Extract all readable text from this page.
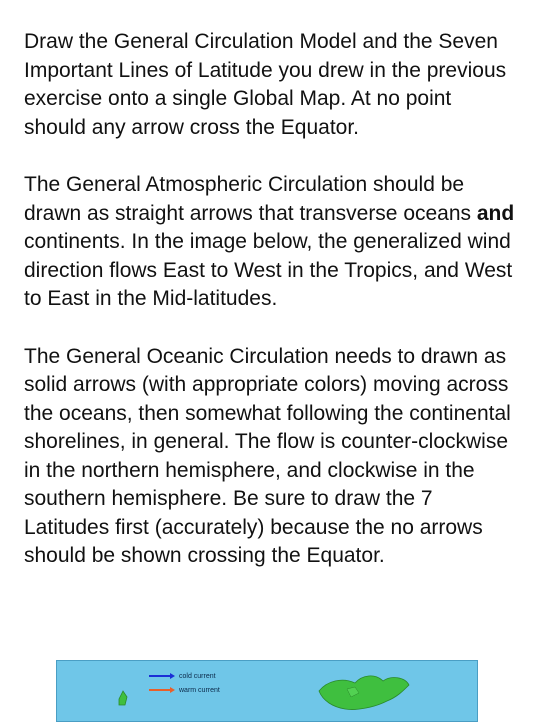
Draw the General Circulation Model and the Seven Important Lines of Latitude you drew in the previous exercise onto a single Global Map. At no point should any arrow cross the Equator.

The General Atmospheric Circulation should be drawn as straight arrows that transverse oceans and continents. In the image below, the generalized wind direction flows East to West in the Tropics, and West to East in the Mid-latitudes.

The General Oceanic Circulation needs to drawn as solid arrows (with appropriate colors) moving across the oceans, then somewhat following the continental shorelines, in general. The flow is counter-clockwise in the northern hemisphere, and clockwise in the southern hemisphere. Be sure to draw the 7 Latitudes first (accurately) because the no arrows should be shown crossing the Equator.

cold current
warm current
